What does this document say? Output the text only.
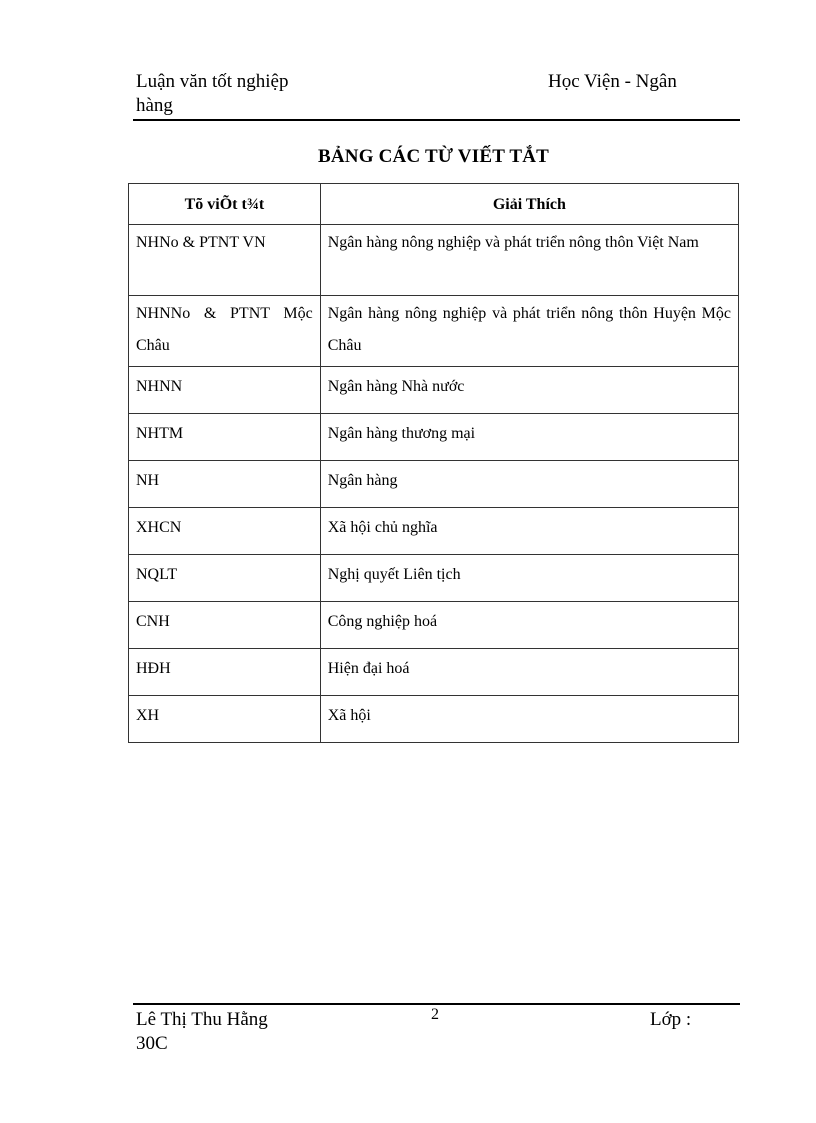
Luận văn tốt nghiệp
hàng
Học Viện - Ngân
BẢNG CÁC TỪ VIẾT TẮT
Tõ viÕt t¾t	Giải Thích
NHNo & PTNT VN	Ngân hàng nông nghiệp và phát triển nông thôn Việt Nam
NHNNo & PTNT Mộc Châu	Ngân hàng nông nghiệp và phát triển nông thôn Huyện Mộc Châu
NHNN	Ngân hàng Nhà nước
NHTM	Ngân hàng thương mại
NH	Ngân hàng
XHCN	Xã hội chủ nghĩa
NQLT	Nghị quyết Liên tịch
CNH	Công nghiệp hoá
HĐH	Hiện đại hoá
XH	Xã hội
Lê Thị Thu Hằng
30C
2	Lớp :
